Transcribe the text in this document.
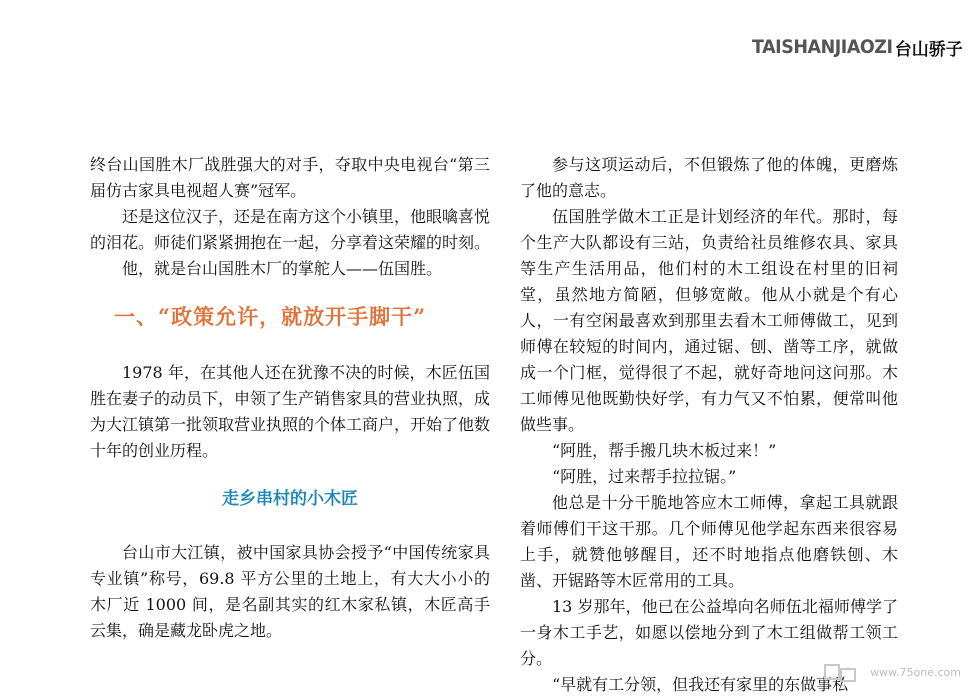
TAISHANJIAOZI 台山骄子

终台山国胜木厂战胜强大的对手，夺取中央电视台“第三届仿古家具电视超人赛”冠军。

还是这位汉子，还是在南方这个小镇里，他眼噙喜悦的泪花。师徒们紧紧拥抱在一起，分享着这荣耀的时刻。

他，就是台山国胜木厂的掌舵人——伍国胜。

一、“政策允许，就放开手脚干”

1978 年，在其他人还在犹豫不决的时候，木匠伍国胜在妻子的动员下，申领了生产销售家具的营业执照，成为大江镇第一批领取营业执照的个体工商户，开始了他数十年的创业历程。

走乡串村的小木匠

台山市大江镇，被中国家具协会授予“中国传统家具专业镇”称号，69.8 平方公里的土地上，有大大小小的木厂近 1000 间，是名副其实的红木家私镇，木匠高手云集，确是藏龙卧虎之地。

参与这项运动后，不但锻炼了他的体魄，更磨炼了他的意志。

伍国胜学做木工正是计划经济的年代。那时，每个生产大队都设有三站，负责给社员维修农具、家具等生产生活用品，他们村的木工组设在村里的旧祠堂，虽然地方简陋，但够宽敞。他从小就是个有心人，一有空闲最喜欢到那里去看木工师傅做工，见到师傅在较短的时间内，通过锯、刨、凿等工序，就做成一个门框，觉得很了不起，就好奇地问这问那。木工师傅见他既勤快好学，有力气又不怕累，便常叫他做些事。

“阿胜，帮手搬几块木板过来！”

“阿胜，过来帮手拉拉锯。”

他总是十分干脆地答应木工师傅，拿起工具就跟着师傅们干这干那。几个师傅见他学起东西来很容易上手，就赞他够醒目，还不时地指点他磨铁刨、木凿、开锯路等木匠常用的工具。

13 岁那年，他已在公益埠向名师伍北福师傅学了一身木工手艺，如愿以偿地分到了木工组做帮工领工分。

“早就有工分领，但我还有家里的东做事私

www.75one.com
